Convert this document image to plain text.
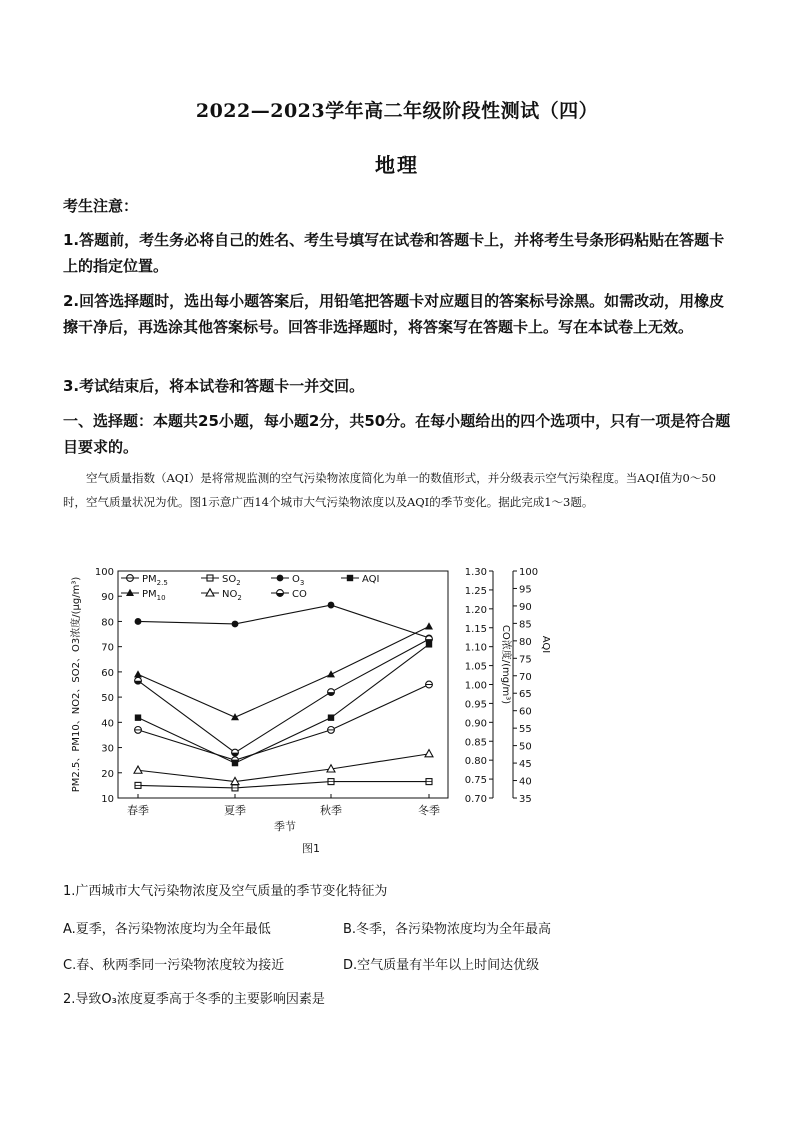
2022—2023学年高二年级阶段性测试（四）
地理
考生注意：
1.答题前，考生务必将自己的姓名、考生号填写在试卷和答题卡上，并将考生号条形码粘贴在答题卡上的指定位置。
2.回答选择题时，选出每小题答案后，用铅笔把答题卡对应题目的答案标号涂黑。如需改动，用橡皮擦干净后，再选涂其他答案标号。回答非选择题时，将答案写在答题卡上。写在本试卷上无效。
3.考试结束后，将本试卷和答题卡一并交回。
一、选择题：本题共25小题，每小题2分，共50分。在每小题给出的四个选项中，只有一项是符合题目要求的。
空气质量指数（AQI）是将常规监测的空气污染物浓度简化为单一的数值形式，并分级表示空气污染程度。当AQI值为0～50时，空气质量状况为优。图1示意广西14个城市大气污染物浓度以及AQI的季节变化。据此完成1～3题。
10
20
30
40
50
60
70
80
90
100
PM2.5、PM10、NO2、SO2、O3浓度/(μg/m³)
0.70
0.75
0.80
0.85
0.90
0.95
1.00
1.05
1.10
1.15
1.20
1.25
1.30
CO浓度/(mg/m³)
35
40
45
50
55
60
65
70
75
80
85
90
95
100
AQI
春季	夏季	秋季	冬季
$PM_{2.5}$	$SO_2$	$O_3$	AQI
$PM_{10}$	$NO_2$	CO
季节
图1
1.广西城市大气污染物浓度及空气质量的季节变化特征为
A.夏季，各污染物浓度均为全年最低	B.冬季，各污染物浓度均为全年最高
C.春、秋两季同一污染物浓度较为接近	D.空气质量有半年以上时间达优级
2.导致O₃浓度夏季高于冬季的主要影响因素是
